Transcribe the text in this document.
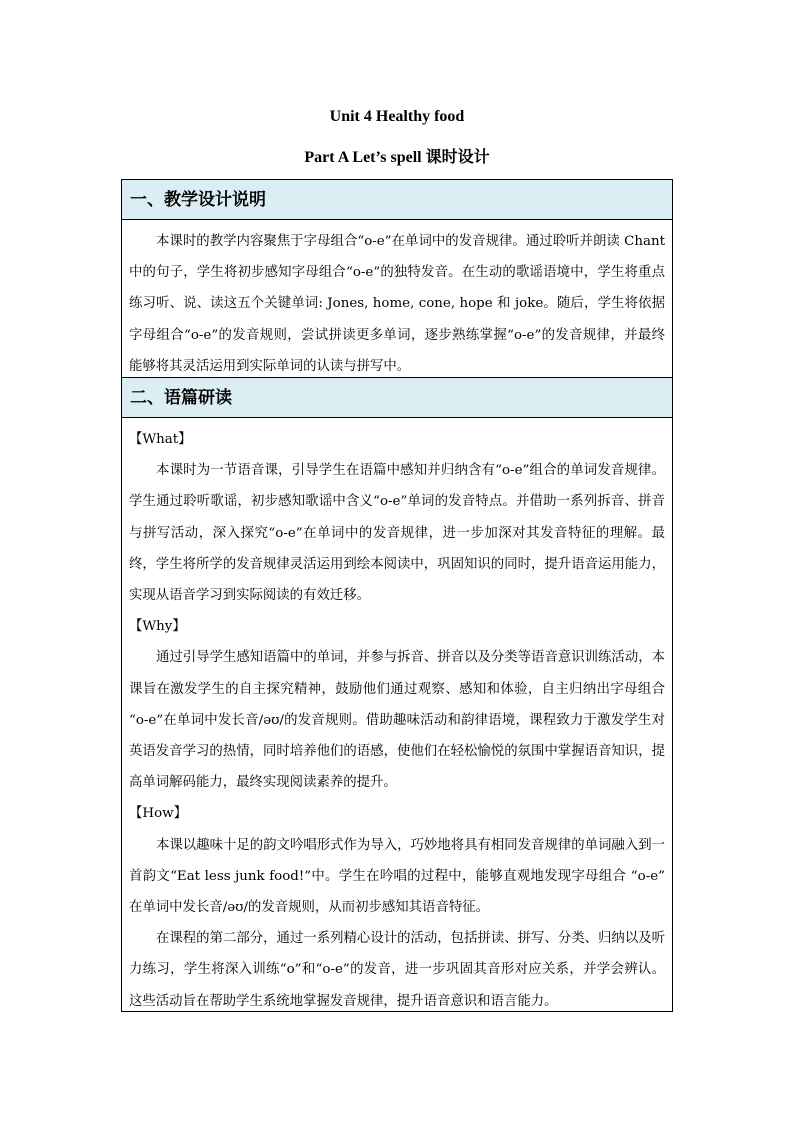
Unit 4 Healthy food
Part A Let’s spell 课时设计
一、教学设计说明

本课时的教学内容聚焦于字母组合“o-e”在单词中的发音规律。通过聆听并朗读 Chant 中的句子，学生将初步感知字母组合“o-e”的独特发音。在生动的歌谣语境中，学生将重点练习听、说、读这五个关键单词: Jones, home, cone, hope 和 joke。随后，学生将依据字母组合“o-e”的发音规则，尝试拼读更多单词，逐步熟练掌握“o-e”的发音规律，并最终能够将其灵活运用到实际单词的认读与拼写中。

二、语篇研读
【What】

本课时为一节语音课，引导学生在语篇中感知并归纳含有“o-e”组合的单词发音规律。学生通过聆听歌谣，初步感知歌谣中含义“o-e”单词的发音特点。并借助一系列拆音、拼音与拼写活动，深入探究“o-e”在单词中的发音规律，进一步加深对其发音特征的理解。最终，学生将所学的发音规律灵活运用到绘本阅读中，巩固知识的同时，提升语音运用能力，实现从语音学习到实际阅读的有效迁移。

【Why】

通过引导学生感知语篇中的单词，并参与拆音、拼音以及分类等语音意识训练活动，本课旨在激发学生的自主探究精神，鼓励他们通过观察、感知和体验，自主归纳出字母组合 “o-e”在单词中发长音/əʊ/的发音规则。借助趣味活动和韵律语境，课程致力于激发学生对英语发音学习的热情，同时培养他们的语感，使他们在轻松愉悦的氛围中掌握语音知识，提高单词解码能力，最终实现阅读素养的提升。

【How】

本课以趣味十足的韵文吟唱形式作为导入，巧妙地将具有相同发音规律的单词融入到一首韵文“Eat less junk food!”中。学生在吟唱的过程中，能够直观地发现字母组合 “o-e” 在单词中发长音/əʊ/的发音规则，从而初步感知其语音特征。

在课程的第二部分，通过一系列精心设计的活动，包括拼读、拼写、分类、归纳以及听力练习，学生将深入训练“o”和“o-e”的发音，进一步巩固其音形对应关系，并学会辨认。这些活动旨在帮助学生系统地掌握发音规律，提升语音意识和语言能力。
